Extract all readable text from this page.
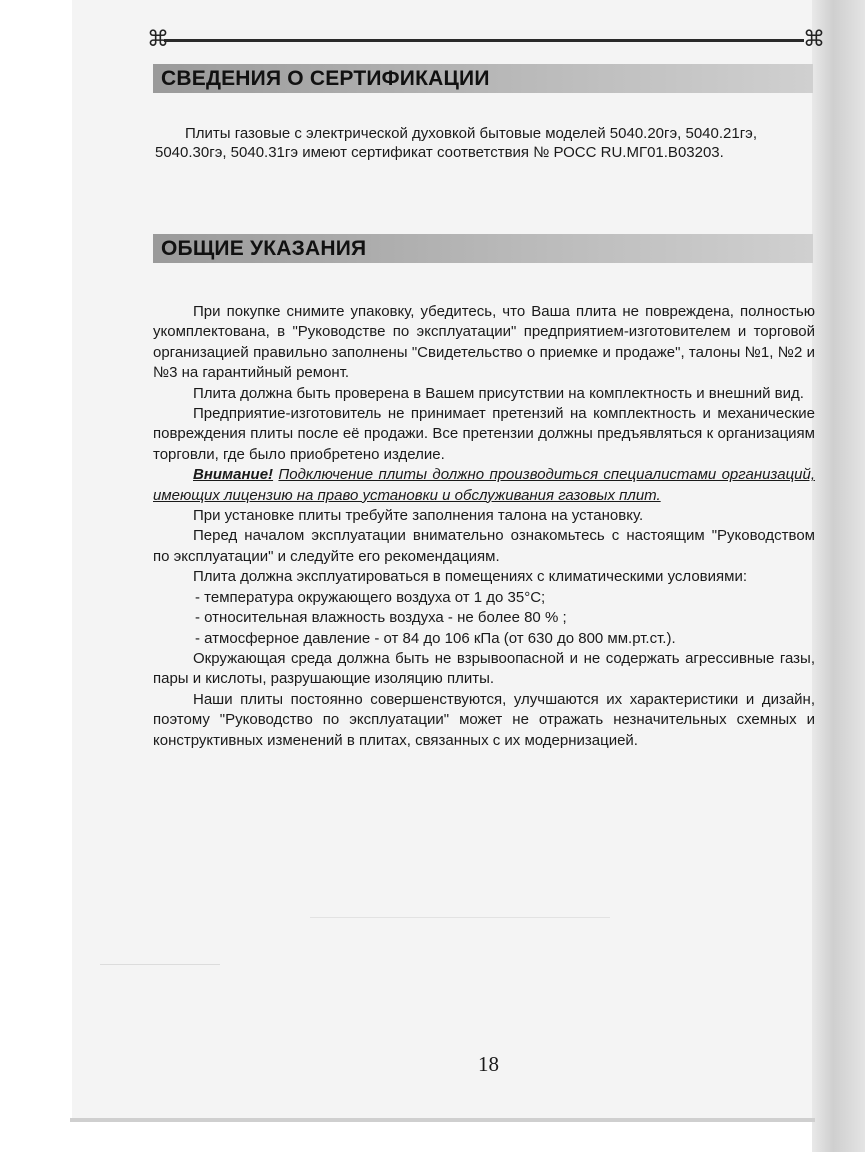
⌘	⌘
СВЕДЕНИЯ О СЕРТИФИКАЦИИ

Плиты газовые с электрической духовкой бытовые моделей 5040.20гэ, 5040.21гэ, 5040.30гэ, 5040.31гэ имеют сертификат соответствия № РОСС RU.МГ01.В03203.

ОБЩИЕ УКАЗАНИЯ

При покупке снимите упаковку, убедитесь, что Ваша плита не повреждена, полностью укомплектована, в "Руководстве по эксплуатации" предприятием-изготовителем и торговой организацией правильно заполнены "Свидетельство о приемке и продаже", талоны №1, №2 и №3 на гарантийный ремонт.

Плита должна быть проверена в Вашем присутствии на комплектность и внешний вид.

Предприятие-изготовитель не принимает претензий на комплектность и механические повреждения плиты после её продажи. Все претензии должны предъявляться к организациям торговли, где было приобретено изделие.

Внимание! Подключение плиты должно производиться специалистами организаций, имеющих лицензию на право установки и обслуживания газовых плит.

При установке плиты требуйте заполнения талона на установку.

Перед началом эксплуатации внимательно ознакомьтесь с настоящим "Руководством по эксплуатации" и следуйте его рекомендациям.

Плита должна эксплуатироваться в помещениях с климатическими условиями:

- температура окружающего воздуха от 1 до 35°С;

- относительная влажность воздуха - не более 80 % ;

- атмосферное давление - от 84 до 106 кПа (от 630 до 800 мм.рт.ст.).

Окружающая среда должна быть не взрывоопасной и не содержать агрессивные газы, пары и кислоты, разрушающие изоляцию плиты.

Наши плиты постоянно совершенствуются, улучшаются их характеристики и дизайн, поэтому "Руководство по эксплуатации" может не отражать незначительных схемных и конструктивных изменений в плитах, связанных с их модернизацией.

18
